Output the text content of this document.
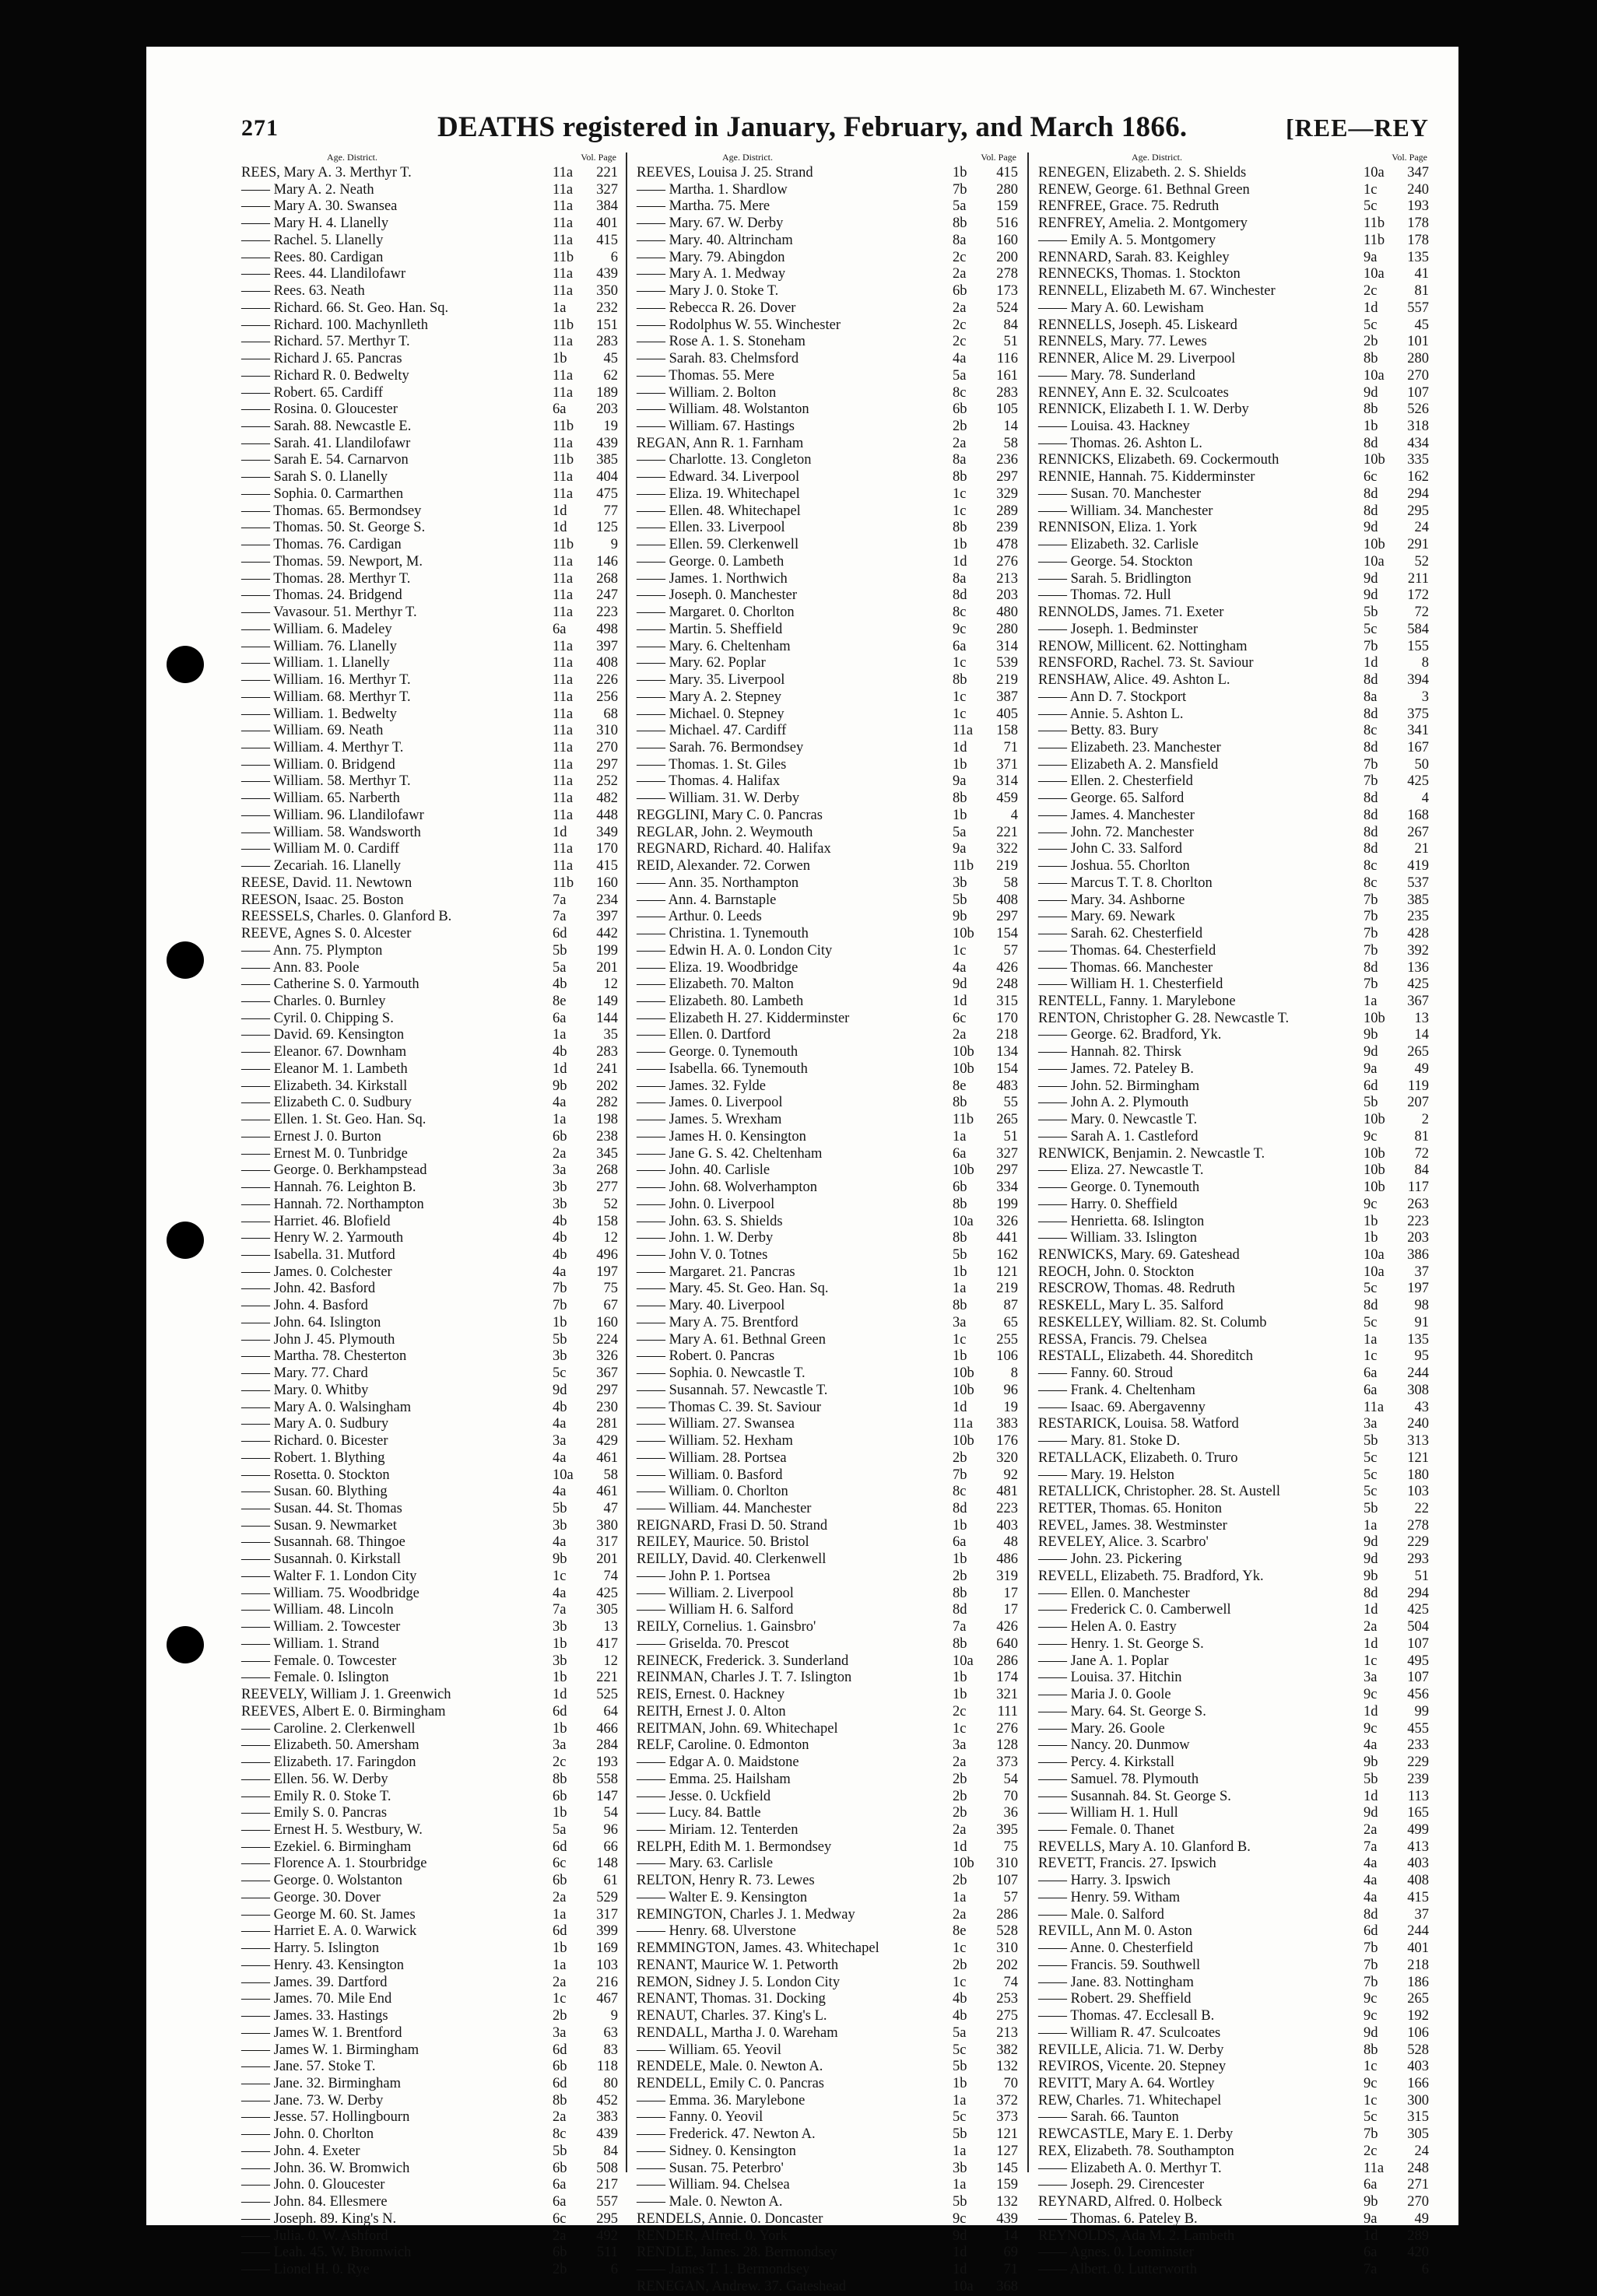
271	DEATHS registered in January, February, and March 1866.	[REE—REY
Age. District.	Vol. Page
REES, Mary A. 3. Merthyr T.	11a	221
—— Mary A. 2. Neath	11a	327
—— Mary A. 30. Swansea	11a	384
—— Mary H. 4. Llanelly	11a	401
—— Rachel. 5. Llanelly	11a	415
—— Rees. 80. Cardigan	11b	6
—— Rees. 44. Llandilofawr	11a	439
—— Rees. 63. Neath	11a	350
—— Richard. 66. St. Geo. Han. Sq.	1a	232
—— Richard. 100. Machynlleth	11b	151
—— Richard. 57. Merthyr T.	11a	283
—— Richard J. 65. Pancras	1b	45
—— Richard R. 0. Bedwelty	11a	62
—— Robert. 65. Cardiff	11a	189
—— Rosina. 0. Gloucester	6a	203
—— Sarah. 88. Newcastle E.	11b	19
—— Sarah. 41. Llandilofawr	11a	439
—— Sarah E. 54. Carnarvon	11b	385
—— Sarah S. 0. Llanelly	11a	404
—— Sophia. 0. Carmarthen	11a	475
—— Thomas. 65. Bermondsey	1d	77
—— Thomas. 50. St. George S.	1d	125
—— Thomas. 76. Cardigan	11b	9
—— Thomas. 59. Newport, M.	11a	146
—— Thomas. 28. Merthyr T.	11a	268
—— Thomas. 24. Bridgend	11a	247
—— Vavasour. 51. Merthyr T.	11a	223
—— William. 6. Madeley	6a	498
—— William. 76. Llanelly	11a	397
—— William. 1. Llanelly	11a	408
—— William. 16. Merthyr T.	11a	226
—— William. 68. Merthyr T.	11a	256
—— William. 1. Bedwelty	11a	68
—— William. 69. Neath	11a	310
—— William. 4. Merthyr T.	11a	270
—— William. 0. Bridgend	11a	297
—— William. 58. Merthyr T.	11a	252
—— William. 65. Narberth	11a	482
—— William. 96. Llandilofawr	11a	448
—— William. 58. Wandsworth	1d	349
—— William M. 0. Cardiff	11a	170
—— Zecariah. 16. Llanelly	11a	415
REESE, David. 11. Newtown	11b	160
REESON, Isaac. 25. Boston	7a	234
REESSELS, Charles. 0. Glanford B.	7a	397
REEVE, Agnes S. 0. Alcester	6d	442
—— Ann. 75. Plympton	5b	199
—— Ann. 83. Poole	5a	201
—— Catherine S. 0. Yarmouth	4b	12
—— Charles. 0. Burnley	8e	149
—— Cyril. 0. Chipping S.	6a	144
—— David. 69. Kensington	1a	35
—— Eleanor. 67. Downham	4b	283
—— Eleanor M. 1. Lambeth	1d	241
—— Elizabeth. 34. Kirkstall	9b	202
—— Elizabeth C. 0. Sudbury	4a	282
—— Ellen. 1. St. Geo. Han. Sq.	1a	198
—— Ernest J. 0. Burton	6b	238
—— Ernest M. 0. Tunbridge	2a	345
—— George. 0. Berkhampstead	3a	268
—— Hannah. 76. Leighton B.	3b	277
—— Hannah. 72. Northampton	3b	52
—— Harriet. 46. Blofield	4b	158
—— Henry W. 2. Yarmouth	4b	12
—— Isabella. 31. Mutford	4b	496
—— James. 0. Colchester	4a	197
—— John. 42. Basford	7b	75
—— John. 4. Basford	7b	67
—— John. 64. Islington	1b	160
—— John J. 45. Plymouth	5b	224
—— Martha. 78. Chesterton	3b	326
—— Mary. 77. Chard	5c	367
—— Mary. 0. Whitby	9d	297
—— Mary A. 0. Walsingham	4b	230
—— Mary A. 0. Sudbury	4a	281
—— Richard. 0. Bicester	3a	429
—— Robert. 1. Blything	4a	461
—— Rosetta. 0. Stockton	10a	58
—— Susan. 60. Blything	4a	461
—— Susan. 44. St. Thomas	5b	47
—— Susan. 9. Newmarket	3b	380
—— Susannah. 68. Thingoe	4a	317
—— Susannah. 0. Kirkstall	9b	201
—— Walter F. 1. London City	1c	74
—— William. 75. Woodbridge	4a	425
—— William. 48. Lincoln	7a	305
—— William. 2. Towcester	3b	13
—— William. 1. Strand	1b	417
—— Female. 0. Towcester	3b	12
—— Female. 0. Islington	1b	221
REEVELY, William J. 1. Greenwich	1d	525
REEVES, Albert E. 0. Birmingham	6d	64
—— Caroline. 2. Clerkenwell	1b	466
—— Elizabeth. 50. Amersham	3a	284
—— Elizabeth. 17. Faringdon	2c	193
—— Ellen. 56. W. Derby	8b	558
—— Emily R. 0. Stoke T.	6b	147
—— Emily S. 0. Pancras	1b	54
—— Ernest H. 5. Westbury, W.	5a	96
—— Ezekiel. 6. Birmingham	6d	66
—— Florence A. 1. Stourbridge	6c	148
—— George. 0. Wolstanton	6b	61
—— George. 30. Dover	2a	529
—— George M. 60. St. James	1a	317
—— Harriet E. A. 0. Warwick	6d	399
—— Harry. 5. Islington	1b	169
—— Henry. 43. Kensington	1a	103
—— James. 39. Dartford	2a	216
—— James. 70. Mile End	1c	467
—— James. 33. Hastings	2b	9
—— James W. 1. Brentford	3a	63
—— James W. 1. Birmingham	6d	83
—— Jane. 57. Stoke T.	6b	118
—— Jane. 32. Birmingham	6d	80
—— Jane. 73. W. Derby	8b	452
—— Jesse. 57. Hollingbourn	2a	383
—— John. 0. Chorlton	8c	439
—— John. 4. Exeter	5b	84
—— John. 36. W. Bromwich	6b	508
—— John. 0. Gloucester	6a	217
—— John. 84. Ellesmere	6a	557
—— Joseph. 89. King's N.	6c	295
—— Julia. 0. W. Ashford	2a	492
—— Leah. 45. W. Bromwich	6b	511
—— Lionel H. 0. Rye	2b	6
Age. District.	Vol. Page
REEVES, Louisa J. 25. Strand	1b	415
—— Martha. 1. Shardlow	7b	280
—— Martha. 75. Mere	5a	159
—— Mary. 67. W. Derby	8b	516
—— Mary. 40. Altrincham	8a	160
—— Mary. 79. Abingdon	2c	200
—— Mary A. 1. Medway	2a	278
—— Mary J. 0. Stoke T.	6b	173
—— Rebecca R. 26. Dover	2a	524
—— Rodolphus W. 55. Winchester	2c	84
—— Rose A. 1. S. Stoneham	2c	51
—— Sarah. 83. Chelmsford	4a	116
—— Thomas. 55. Mere	5a	161
—— William. 2. Bolton	8c	283
—— William. 48. Wolstanton	6b	105
—— William. 67. Hastings	2b	14
REGAN, Ann R. 1. Farnham	2a	58
—— Charlotte. 13. Congleton	8a	236
—— Edward. 34. Liverpool	8b	297
—— Eliza. 19. Whitechapel	1c	329
—— Ellen. 48. Whitechapel	1c	289
—— Ellen. 33. Liverpool	8b	239
—— Ellen. 59. Clerkenwell	1b	478
—— George. 0. Lambeth	1d	276
—— James. 1. Northwich	8a	213
—— Joseph. 0. Manchester	8d	203
—— Margaret. 0. Chorlton	8c	480
—— Martin. 5. Sheffield	9c	280
—— Mary. 6. Cheltenham	6a	314
—— Mary. 62. Poplar	1c	539
—— Mary. 35. Liverpool	8b	219
—— Mary A. 2. Stepney	1c	387
—— Michael. 0. Stepney	1c	405
—— Michael. 47. Cardiff	11a	158
—— Sarah. 76. Bermondsey	1d	71
—— Thomas. 1. St. Giles	1b	371
—— Thomas. 4. Halifax	9a	314
—— William. 31. W. Derby	8b	459
REGGLINI, Mary C. 0. Pancras	1b	4
REGLAR, John. 2. Weymouth	5a	221
REGNARD, Richard. 40. Halifax	9a	322
REID, Alexander. 72. Corwen	11b	219
—— Ann. 35. Northampton	3b	58
—— Ann. 4. Barnstaple	5b	408
—— Arthur. 0. Leeds	9b	297
—— Christina. 1. Tynemouth	10b	154
—— Edwin H. A. 0. London City	1c	57
—— Eliza. 19. Woodbridge	4a	426
—— Elizabeth. 70. Malton	9d	248
—— Elizabeth. 80. Lambeth	1d	315
—— Elizabeth H. 27. Kidderminster	6c	170
—— Ellen. 0. Dartford	2a	218
—— George. 0. Tynemouth	10b	134
—— Isabella. 66. Tynemouth	10b	154
—— James. 32. Fylde	8e	483
—— James. 0. Liverpool	8b	55
—— James. 5. Wrexham	11b	265
—— James H. 0. Kensington	1a	51
—— Jane G. S. 42. Cheltenham	6a	327
—— John. 40. Carlisle	10b	297
—— John. 68. Wolverhampton	6b	334
—— John. 0. Liverpool	8b	199
—— John. 63. S. Shields	10a	326
—— John. 1. W. Derby	8b	441
—— John V. 0. Totnes	5b	162
—— Margaret. 21. Pancras	1b	121
—— Mary. 45. St. Geo. Han. Sq.	1a	219
—— Mary. 40. Liverpool	8b	87
—— Mary A. 75. Brentford	3a	65
—— Mary A. 61. Bethnal Green	1c	255
—— Robert. 0. Pancras	1b	106
—— Sophia. 0. Newcastle T.	10b	8
—— Susannah. 57. Newcastle T.	10b	96
—— Thomas C. 39. St. Saviour	1d	19
—— William. 27. Swansea	11a	383
—— William. 52. Hexham	10b	176
—— William. 28. Portsea	2b	320
—— William. 0. Basford	7b	92
—— William. 0. Chorlton	8c	481
—— William. 44. Manchester	8d	223
REIGNARD, Frasi D. 50. Strand	1b	403
REILEY, Maurice. 50. Bristol	6a	48
REILLY, David. 40. Clerkenwell	1b	486
—— John P. 1. Portsea	2b	319
—— William. 2. Liverpool	8b	17
—— William H. 6. Salford	8d	17
REILY, Cornelius. 1. Gainsbro'	7a	426
—— Griselda. 70. Prescot	8b	640
REINECK, Frederick. 3. Sunderland	10a	286
REINMAN, Charles J. T. 7. Islington	1b	174
REIS, Ernest. 0. Hackney	1b	321
REITH, Ernest J. 0. Alton	2c	111
REITMAN, John. 69. Whitechapel	1c	276
RELF, Caroline. 0. Edmonton	3a	128
—— Edgar A. 0. Maidstone	2a	373
—— Emma. 25. Hailsham	2b	54
—— Jesse. 0. Uckfield	2b	70
—— Lucy. 84. Battle	2b	36
—— Miriam. 12. Tenterden	2a	395
RELPH, Edith M. 1. Bermondsey	1d	75
—— Mary. 63. Carlisle	10b	310
RELTON, Henry R. 73. Lewes	2b	107
—— Walter E. 9. Kensington	1a	57
REMINGTON, Charles J. 1. Medway	2a	286
—— Henry. 68. Ulverstone	8e	528
REMMINGTON, James. 43. Whitechapel	1c	310
RENANT, Maurice W. 1. Petworth	2b	202
REMON, Sidney J. 5. London City	1c	74
RENANT, Thomas. 31. Docking	4b	253
RENAUT, Charles. 37. King's L.	4b	275
RENDALL, Martha J. 0. Wareham	5a	213
—— William. 65. Yeovil	5c	382
RENDELE, Male. 0. Newton A.	5b	132
RENDELL, Emily C. 0. Pancras	1b	70
—— Emma. 36. Marylebone	1a	372
—— Fanny. 0. Yeovil	5c	373
—— Frederick. 47. Newton A.	5b	121
—— Sidney. 0. Kensington	1a	127
—— Susan. 75. Peterbro'	3b	145
—— William. 94. Chelsea	1a	159
—— Male. 0. Newton A.	5b	132
RENDELS, Annie. 0. Doncaster	9c	439
RENDER, Alfred. 0. York	9d	14
RENDLE, James. 28. Bermondsey	1d	69
—— James T. 1. Bermondsey	1d	71
RENEGAN, Andrew. 37. Gateshead	10a	368
Age. District.	Vol. Page
RENEGEN, Elizabeth. 2. S. Shields	10a	347
RENEW, George. 61. Bethnal Green	1c	240
RENFREE, Grace. 75. Redruth	5c	193
RENFREY, Amelia. 2. Montgomery	11b	178
—— Emily A. 5. Montgomery	11b	178
RENNARD, Sarah. 83. Keighley	9a	135
RENNECKS, Thomas. 1. Stockton	10a	41
RENNELL, Elizabeth M. 67. Winchester	2c	81
—— Mary A. 60. Lewisham	1d	557
RENNELLS, Joseph. 45. Liskeard	5c	45
RENNELS, Mary. 77. Lewes	2b	101
RENNER, Alice M. 29. Liverpool	8b	280
—— Mary. 78. Sunderland	10a	270
RENNEY, Ann E. 32. Sculcoates	9d	107
RENNICK, Elizabeth I. 1. W. Derby	8b	526
—— Louisa. 43. Hackney	1b	318
—— Thomas. 26. Ashton L.	8d	434
RENNICKS, Elizabeth. 69. Cockermouth	10b	335
RENNIE, Hannah. 75. Kidderminster	6c	162
—— Susan. 70. Manchester	8d	294
—— William. 34. Manchester	8d	295
RENNISON, Eliza. 1. York	9d	24
—— Elizabeth. 32. Carlisle	10b	291
—— George. 54. Stockton	10a	52
—— Sarah. 5. Bridlington	9d	211
—— Thomas. 72. Hull	9d	172
RENNOLDS, James. 71. Exeter	5b	72
—— Joseph. 1. Bedminster	5c	584
RENOW, Millicent. 62. Nottingham	7b	155
RENSFORD, Rachel. 73. St. Saviour	1d	8
RENSHAW, Alice. 49. Ashton L.	8d	394
—— Ann D. 7. Stockport	8a	3
—— Annie. 5. Ashton L.	8d	375
—— Betty. 83. Bury	8c	341
—— Elizabeth. 23. Manchester	8d	167
—— Elizabeth A. 2. Mansfield	7b	50
—— Ellen. 2. Chesterfield	7b	425
—— George. 65. Salford	8d	4
—— James. 4. Manchester	8d	168
—— John. 72. Manchester	8d	267
—— John C. 33. Salford	8d	21
—— Joshua. 55. Chorlton	8c	419
—— Marcus T. T. 8. Chorlton	8c	537
—— Mary. 34. Ashborne	7b	385
—— Mary. 69. Newark	7b	235
—— Sarah. 62. Chesterfield	7b	428
—— Thomas. 64. Chesterfield	7b	392
—— Thomas. 66. Manchester	8d	136
—— William H. 1. Chesterfield	7b	425
RENTELL, Fanny. 1. Marylebone	1a	367
RENTON, Christopher G. 28. Newcastle T.	10b	13
—— George. 62. Bradford, Yk.	9b	14
—— Hannah. 82. Thirsk	9d	265
—— James. 72. Pateley B.	9a	49
—— John. 52. Birmingham	6d	119
—— John A. 2. Plymouth	5b	207
—— Mary. 0. Newcastle T.	10b	2
—— Sarah A. 1. Castleford	9c	81
RENWICK, Benjamin. 2. Newcastle T.	10b	72
—— Eliza. 27. Newcastle T.	10b	84
—— George. 0. Tynemouth	10b	117
—— Harry. 0. Sheffield	9c	263
—— Henrietta. 68. Islington	1b	223
—— William. 33. Islington	1b	203
RENWICKS, Mary. 69. Gateshead	10a	386
REOCH, John. 0. Stockton	10a	37
RESCROW, Thomas. 48. Redruth	5c	197
RESKELL, Mary L. 35. Salford	8d	98
RESKELLEY, William. 82. St. Columb	5c	91
RESSA, Francis. 79. Chelsea	1a	135
RESTALL, Elizabeth. 44. Shoreditch	1c	95
—— Fanny. 60. Stroud	6a	244
—— Frank. 4. Cheltenham	6a	308
—— Isaac. 69. Abergavenny	11a	43
RESTARICK, Louisa. 58. Watford	3a	240
—— Mary. 81. Stoke D.	5b	313
RETALLACK, Elizabeth. 0. Truro	5c	121
—— Mary. 19. Helston	5c	180
RETALLICK, Christopher. 28. St. Austell	5c	103
RETTER, Thomas. 65. Honiton	5b	22
REVEL, James. 38. Westminster	1a	278
REVELEY, Alice. 3. Scarbro'	9d	229
—— John. 23. Pickering	9d	293
REVELL, Elizabeth. 75. Bradford, Yk.	9b	51
—— Ellen. 0. Manchester	8d	294
—— Frederick C. 0. Camberwell	1d	425
—— Helen A. 0. Eastry	2a	504
—— Henry. 1. St. George S.	1d	107
—— Jane A. 1. Poplar	1c	495
—— Louisa. 37. Hitchin	3a	107
—— Maria J. 0. Goole	9c	456
—— Mary. 64. St. George S.	1d	99
—— Mary. 26. Goole	9c	455
—— Nancy. 20. Dunmow	4a	233
—— Percy. 4. Kirkstall	9b	229
—— Samuel. 78. Plymouth	5b	239
—— Susannah. 84. St. George S.	1d	113
—— William H. 1. Hull	9d	165
—— Female. 0. Thanet	2a	499
REVELLS, Mary A. 10. Glanford B.	7a	413
REVETT, Francis. 27. Ipswich	4a	403
—— Harry. 3. Ipswich	4a	408
—— Henry. 59. Witham	4a	415
—— Male. 0. Salford	8d	37
REVILL, Ann M. 0. Aston	6d	244
—— Anne. 0. Chesterfield	7b	401
—— Francis. 59. Southwell	7b	218
—— Jane. 83. Nottingham	7b	186
—— Robert. 29. Sheffield	9c	265
—— Thomas. 47. Ecclesall B.	9c	192
—— William R. 47. Sculcoates	9d	106
REVILLE, Alicia. 71. W. Derby	8b	528
REVIROS, Vicente. 20. Stepney	1c	403
REVITT, Mary A. 64. Wortley	9c	166
REW, Charles. 71. Whitechapel	1c	300
—— Sarah. 66. Taunton	5c	315
REWCASTLE, Mary E. 1. Derby	7b	305
REX, Elizabeth. 78. Southampton	2c	24
—— Elizabeth A. 0. Merthyr T.	11a	248
—— Joseph. 29. Cirencester	6a	271
REYNARD, Alfred. 0. Holbeck	9b	270
—— Thomas. 6. Pateley B.	9a	49
REYNOLDS, Ada M. 2. Lambeth	1d	289
—— Agnes. 0. Leominster	6a	420
—— Albert. 0. Lutterworth	7a	6
